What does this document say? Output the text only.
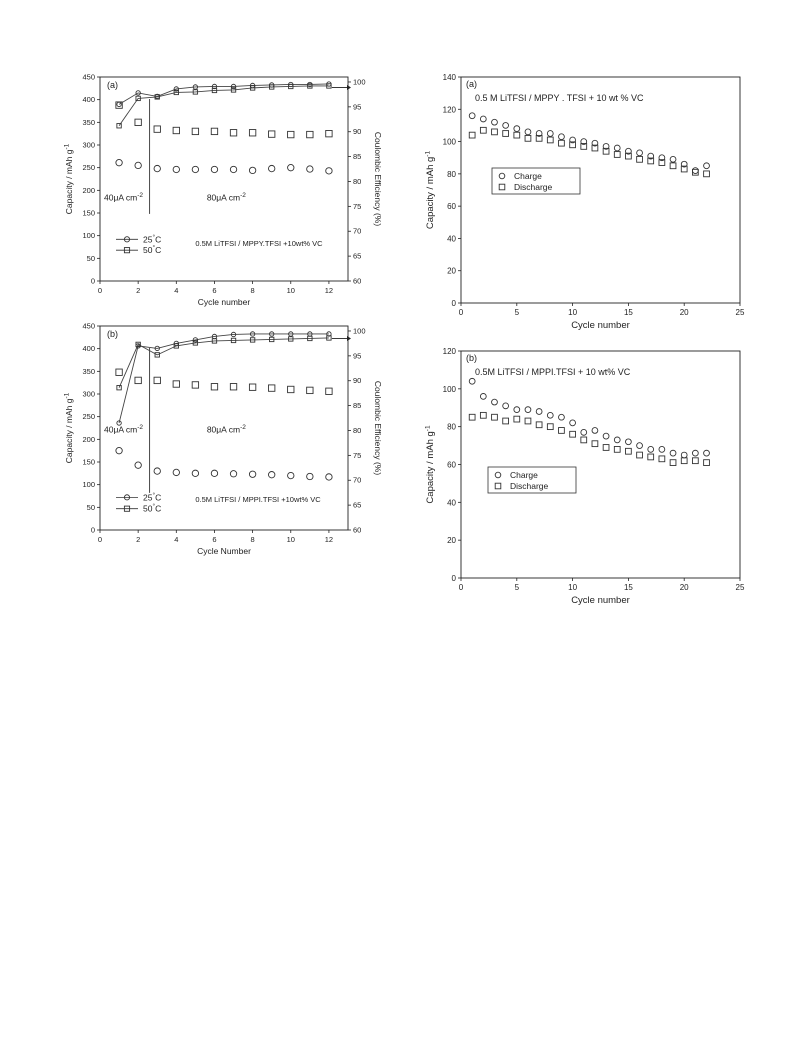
0	2	4	6	8	10	12
0
50
100
150
200
250
300
350
400
450
60
65
70
75
80
85
90
95
100
Cycle number
Capacity / mAh $g^{-1}$	Coulombic Efficiency (%)
(a)
40μA $cm^{-2}$	80μA $cm^{-2}$
25°C
50°C
0.5M LiTFSI / MPPY.TFSI +10wt% VC
0	2	4	6	8	10	12
0
50
100
150
200
250
300
350
400
450
60
65
70
75
80
85
90
95
100
Cycle Number
Capacity / mAh $g^{-1}$	Coulombic Efficiency (%)
(b)
40μA $cm^{-2}$	80μA $cm^{-2}$
25°C
50°C
0.5M LiTFSI / MPPI.TFSI +10wt% VC
0	5	10	15	20	25
0
20
40
60
80
100
120
140
Cycle number
Capacity / mAh $g^{-1}$
(a)
0.5 M LiTFSI / MPPY . TFSI + 10 wt % VC
Charge
Discharge
0	5	10	15	20	25
0
20
40
60
80
100
120
Cycle number
Capacity / mAh $g^{-1}$
(b)
0.5M LiTFSI / MPPI.TFSI + 10 wt% VC
Charge
Discharge
